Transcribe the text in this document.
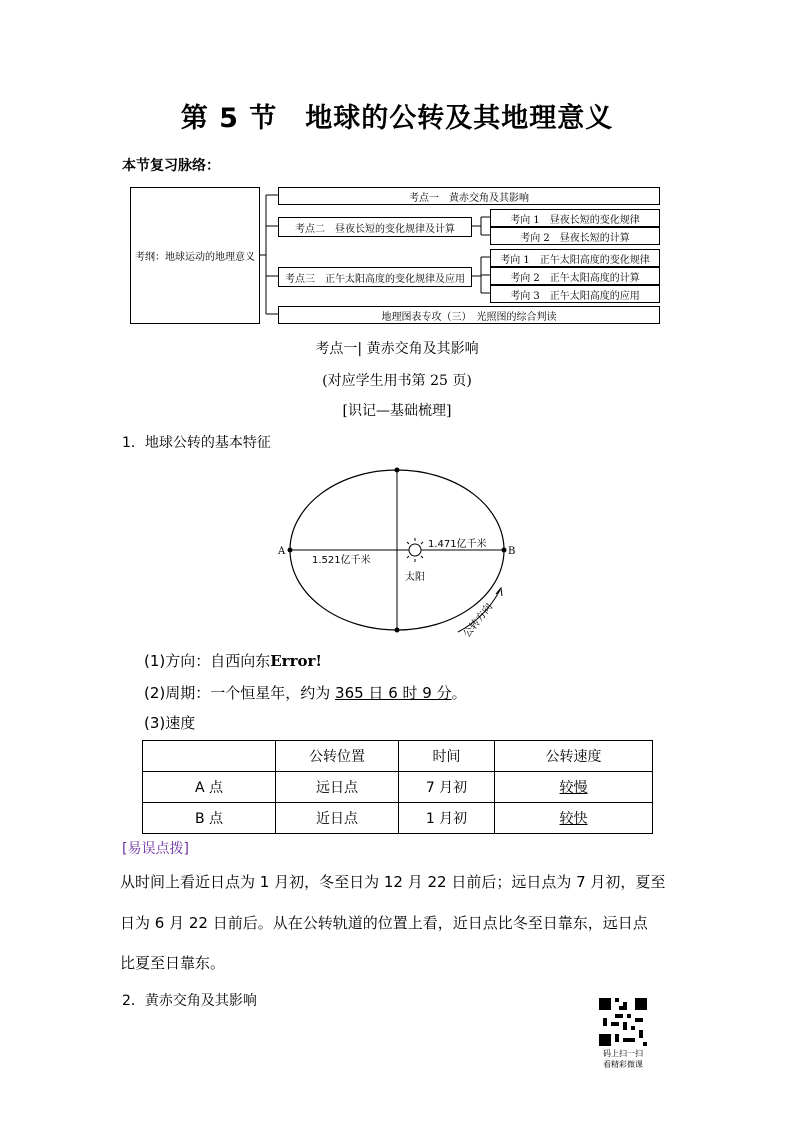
第 5 节　地球的公转及其地理意义
本节复习脉络：
考纲：地球运动的地理意义
考点一　黄赤交角及其影响
考点二　昼夜长短的变化规律及计算
考向 1　昼夜长短的变化规律
考向 2　昼夜长短的计算
考点三　正午太阳高度的变化规律及应用
考向 1　正午太阳高度的变化规律
考向 2　正午太阳高度的计算
考向 3　正午太阳高度的应用
地理图表专攻（三）　光照图的综合判读
考点一| 黄赤交角及其影响
(对应学生用书第 25 页)
[识记—基础梳理]
1．地球公转的基本特征
A	B
1.521亿千米
1.471亿千米
太阳
公转方向
(1)方向：自西向东Error!
(2)周期：一个恒星年，约为 365 日 6 时 9 分。
(3)速度
	公转位置	时间	公转速度
A 点	远日点	7 月初	较慢
B 点	近日点	1 月初	较快
[易误点拨]
从时间上看近日点为 1 月初，冬至日为 12 月 22 日前后；远日点为 7 月初，夏至
日为 6 月 22 日前后。从在公转轨道的位置上看，近日点比冬至日靠东，远日点
比夏至日靠东。
2．黄赤交角及其影响
码上扫一扫
看精彩微课
